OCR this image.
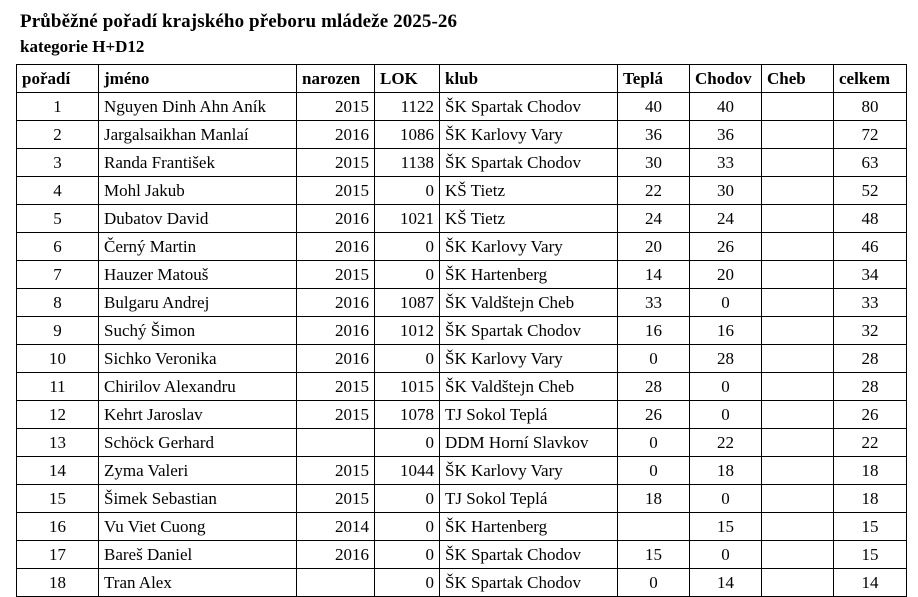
Průběžné pořadí krajského přeboru mládeže 2025-26
kategorie H+D12
pořadí	jméno	narozen	LOK	klub	Teplá	Chodov	Cheb	celkem
1	Nguyen Dinh Ahn Aník	2015	1122	ŠK Spartak Chodov	40	40		80
2	Jargalsaikhan Manlaí	2016	1086	ŠK Karlovy Vary	36	36		72
3	Randa František	2015	1138	ŠK Spartak Chodov	30	33		63
4	Mohl Jakub	2015	0	KŠ Tietz	22	30		52
5	Dubatov David	2016	1021	KŠ Tietz	24	24		48
6	Černý Martin	2016	0	ŠK Karlovy Vary	20	26		46
7	Hauzer Matouš	2015	0	ŠK Hartenberg	14	20		34
8	Bulgaru Andrej	2016	1087	ŠK Valdštejn Cheb	33	0		33
9	Suchý Šimon	2016	1012	ŠK Spartak Chodov	16	16		32
10	Sichko Veronika	2016	0	ŠK Karlovy Vary	0	28		28
11	Chirilov Alexandru	2015	1015	ŠK Valdštejn Cheb	28	0		28
12	Kehrt Jaroslav	2015	1078	TJ Sokol Teplá	26	0		26
13	Schöck Gerhard		0	DDM Horní Slavkov	0	22		22
14	Zyma Valeri	2015	1044	ŠK Karlovy Vary	0	18		18
15	Šimek Sebastian	2015	0	TJ Sokol Teplá	18	0		18
16	Vu Viet Cuong	2014	0	ŠK Hartenberg		15		15
17	Bareš Daniel	2016	0	ŠK Spartak Chodov	15	0		15
18	Tran Alex		0	ŠK Spartak Chodov	0	14		14
